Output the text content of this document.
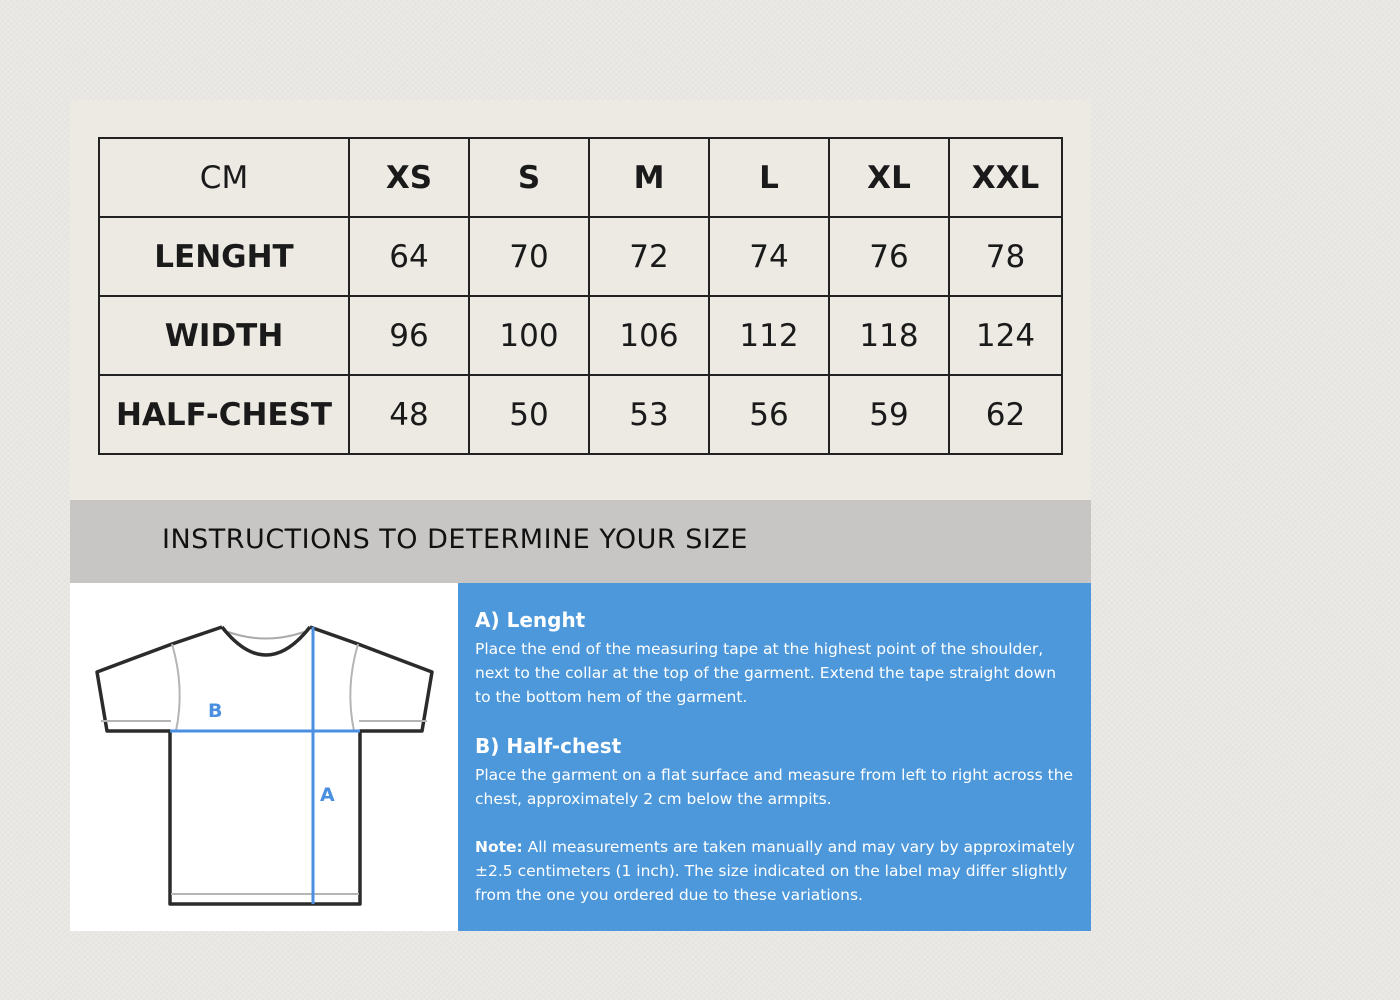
CM	XS	S	M	L	XL	XXL
LENGHT	64	70	72	74	76	78
WIDTH	96	100	106	112	118	124
HALF-CHEST	48	50	53	56	59	62
INSTRUCTIONS TO DETERMINE YOUR SIZE
B
A
A) Lenght
Place the end of the measuring tape at the highest point of the shoulder, next to the collar at the top of the garment. Extend the tape straight down to the bottom hem of the garment.
B) Half-chest
Place the garment on a flat surface and measure from left to right across the chest, approximately 2 cm below the armpits.
Note: All measurements are taken manually and may vary by approximately ±2.5 centimeters (1 inch). The size indicated on the label may differ slightly from the one you ordered due to these variations.
